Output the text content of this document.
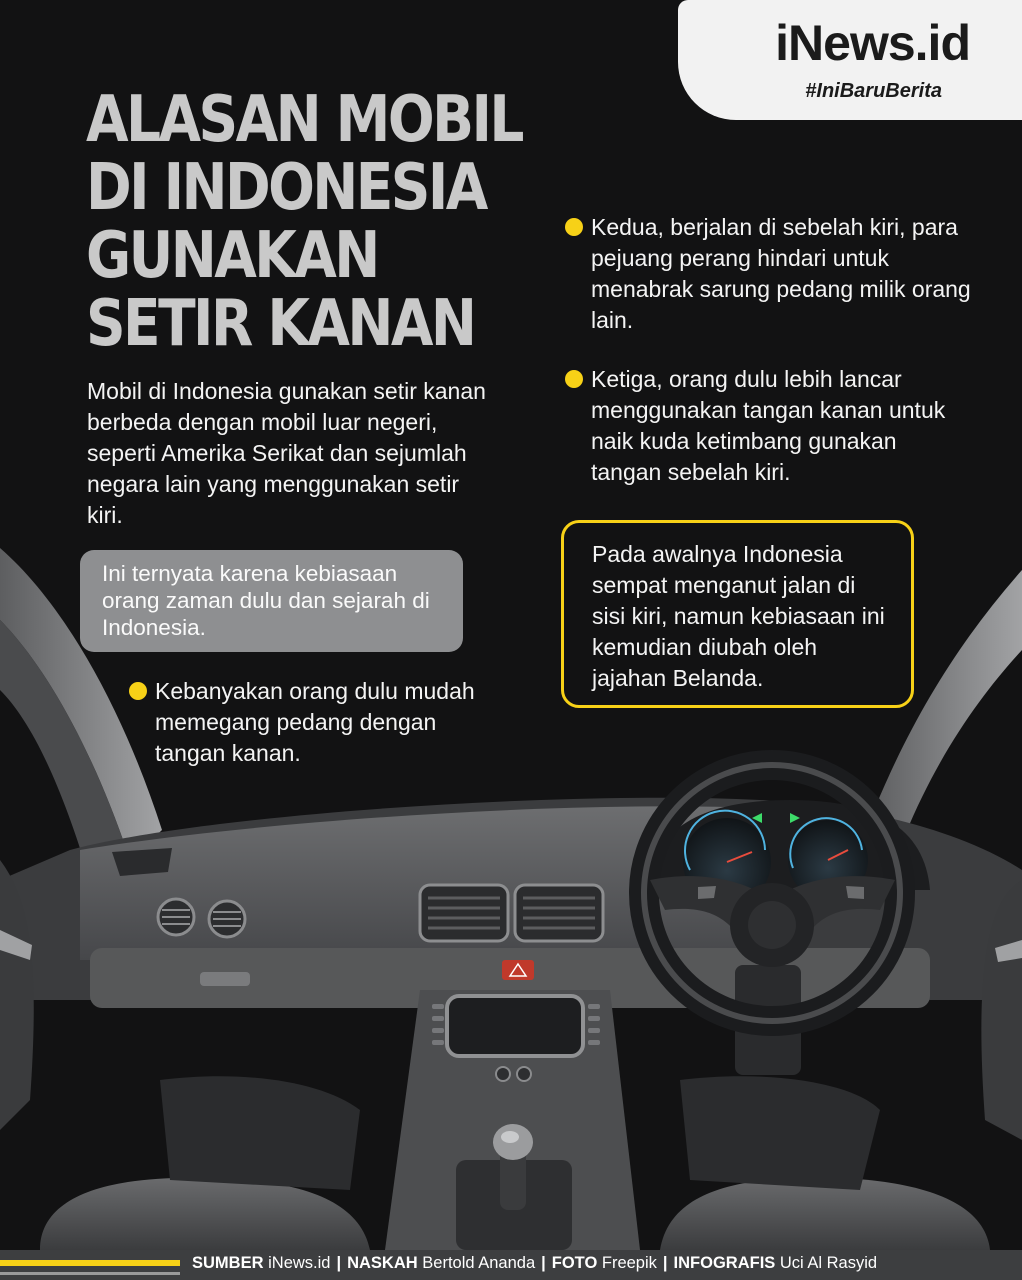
iNews.id
#IniBaruBerita
ALASAN MOBIL
DI INDONESIA
GUNAKAN
SETIR KANAN

Mobil di Indonesia gunakan setir kanan berbeda dengan mobil luar negeri, seperti Amerika Serikat dan sejumlah negara lain yang menggunakan setir kiri.

Ini ternyata karena kebiasaan orang zaman dulu dan sejarah di Indonesia.
Kebanyakan orang dulu mudah memegang pedang dengan tangan kanan.
Kedua, berjalan di sebelah kiri, para pejuang perang hindari untuk menabrak sarung pedang milik orang lain.
Ketiga, orang dulu lebih lancar menggunakan tangan kanan untuk naik kuda ketimbang gunakan tangan sebelah kiri.
Pada awalnya Indonesia sempat menganut jalan di sisi kiri, namun kebiasaan ini kemudian diubah oleh jajahan Belanda.
SUMBER iNews.id | NASKAH Bertold Ananda | FOTO Freepik | INFOGRAFIS Uci Al Rasyid
